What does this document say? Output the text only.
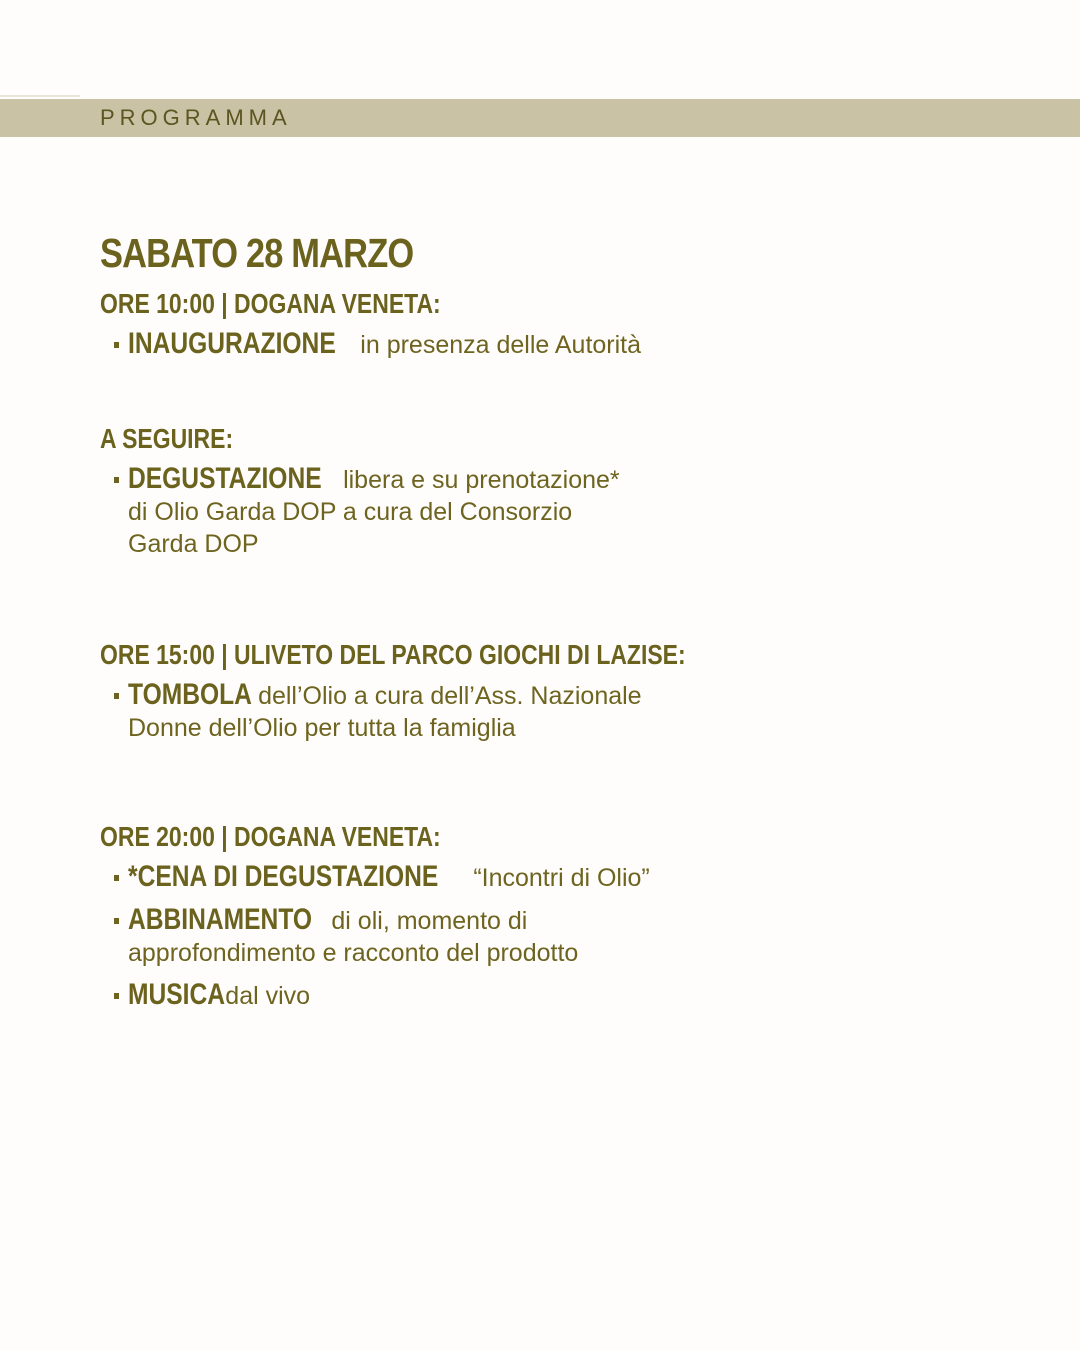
PROGRAMMA
SABATO 28 MARZO
ORE 10:00 | DOGANA VENETA:
INAUGURAZIONE in presenza delle Autorità
A SEGUIRE:
DEGUSTAZIONE libera e su prenotazione*
di Olio Garda DOP a cura del Consorzio
Garda DOP
ORE 15:00 | ULIVETO DEL PARCO GIOCHI DI LAZISE:
TOMBOLA dell’Olio a cura dell’Ass. Nazionale
Donne dell’Olio per tutta la famiglia
ORE 20:00 | DOGANA VENETA:
*CENA DI DEGUSTAZIONE “Incontri di Olio”
ABBINAMENTO di oli, momento di
approfondimento e racconto del prodotto
MUSICA dal vivo
